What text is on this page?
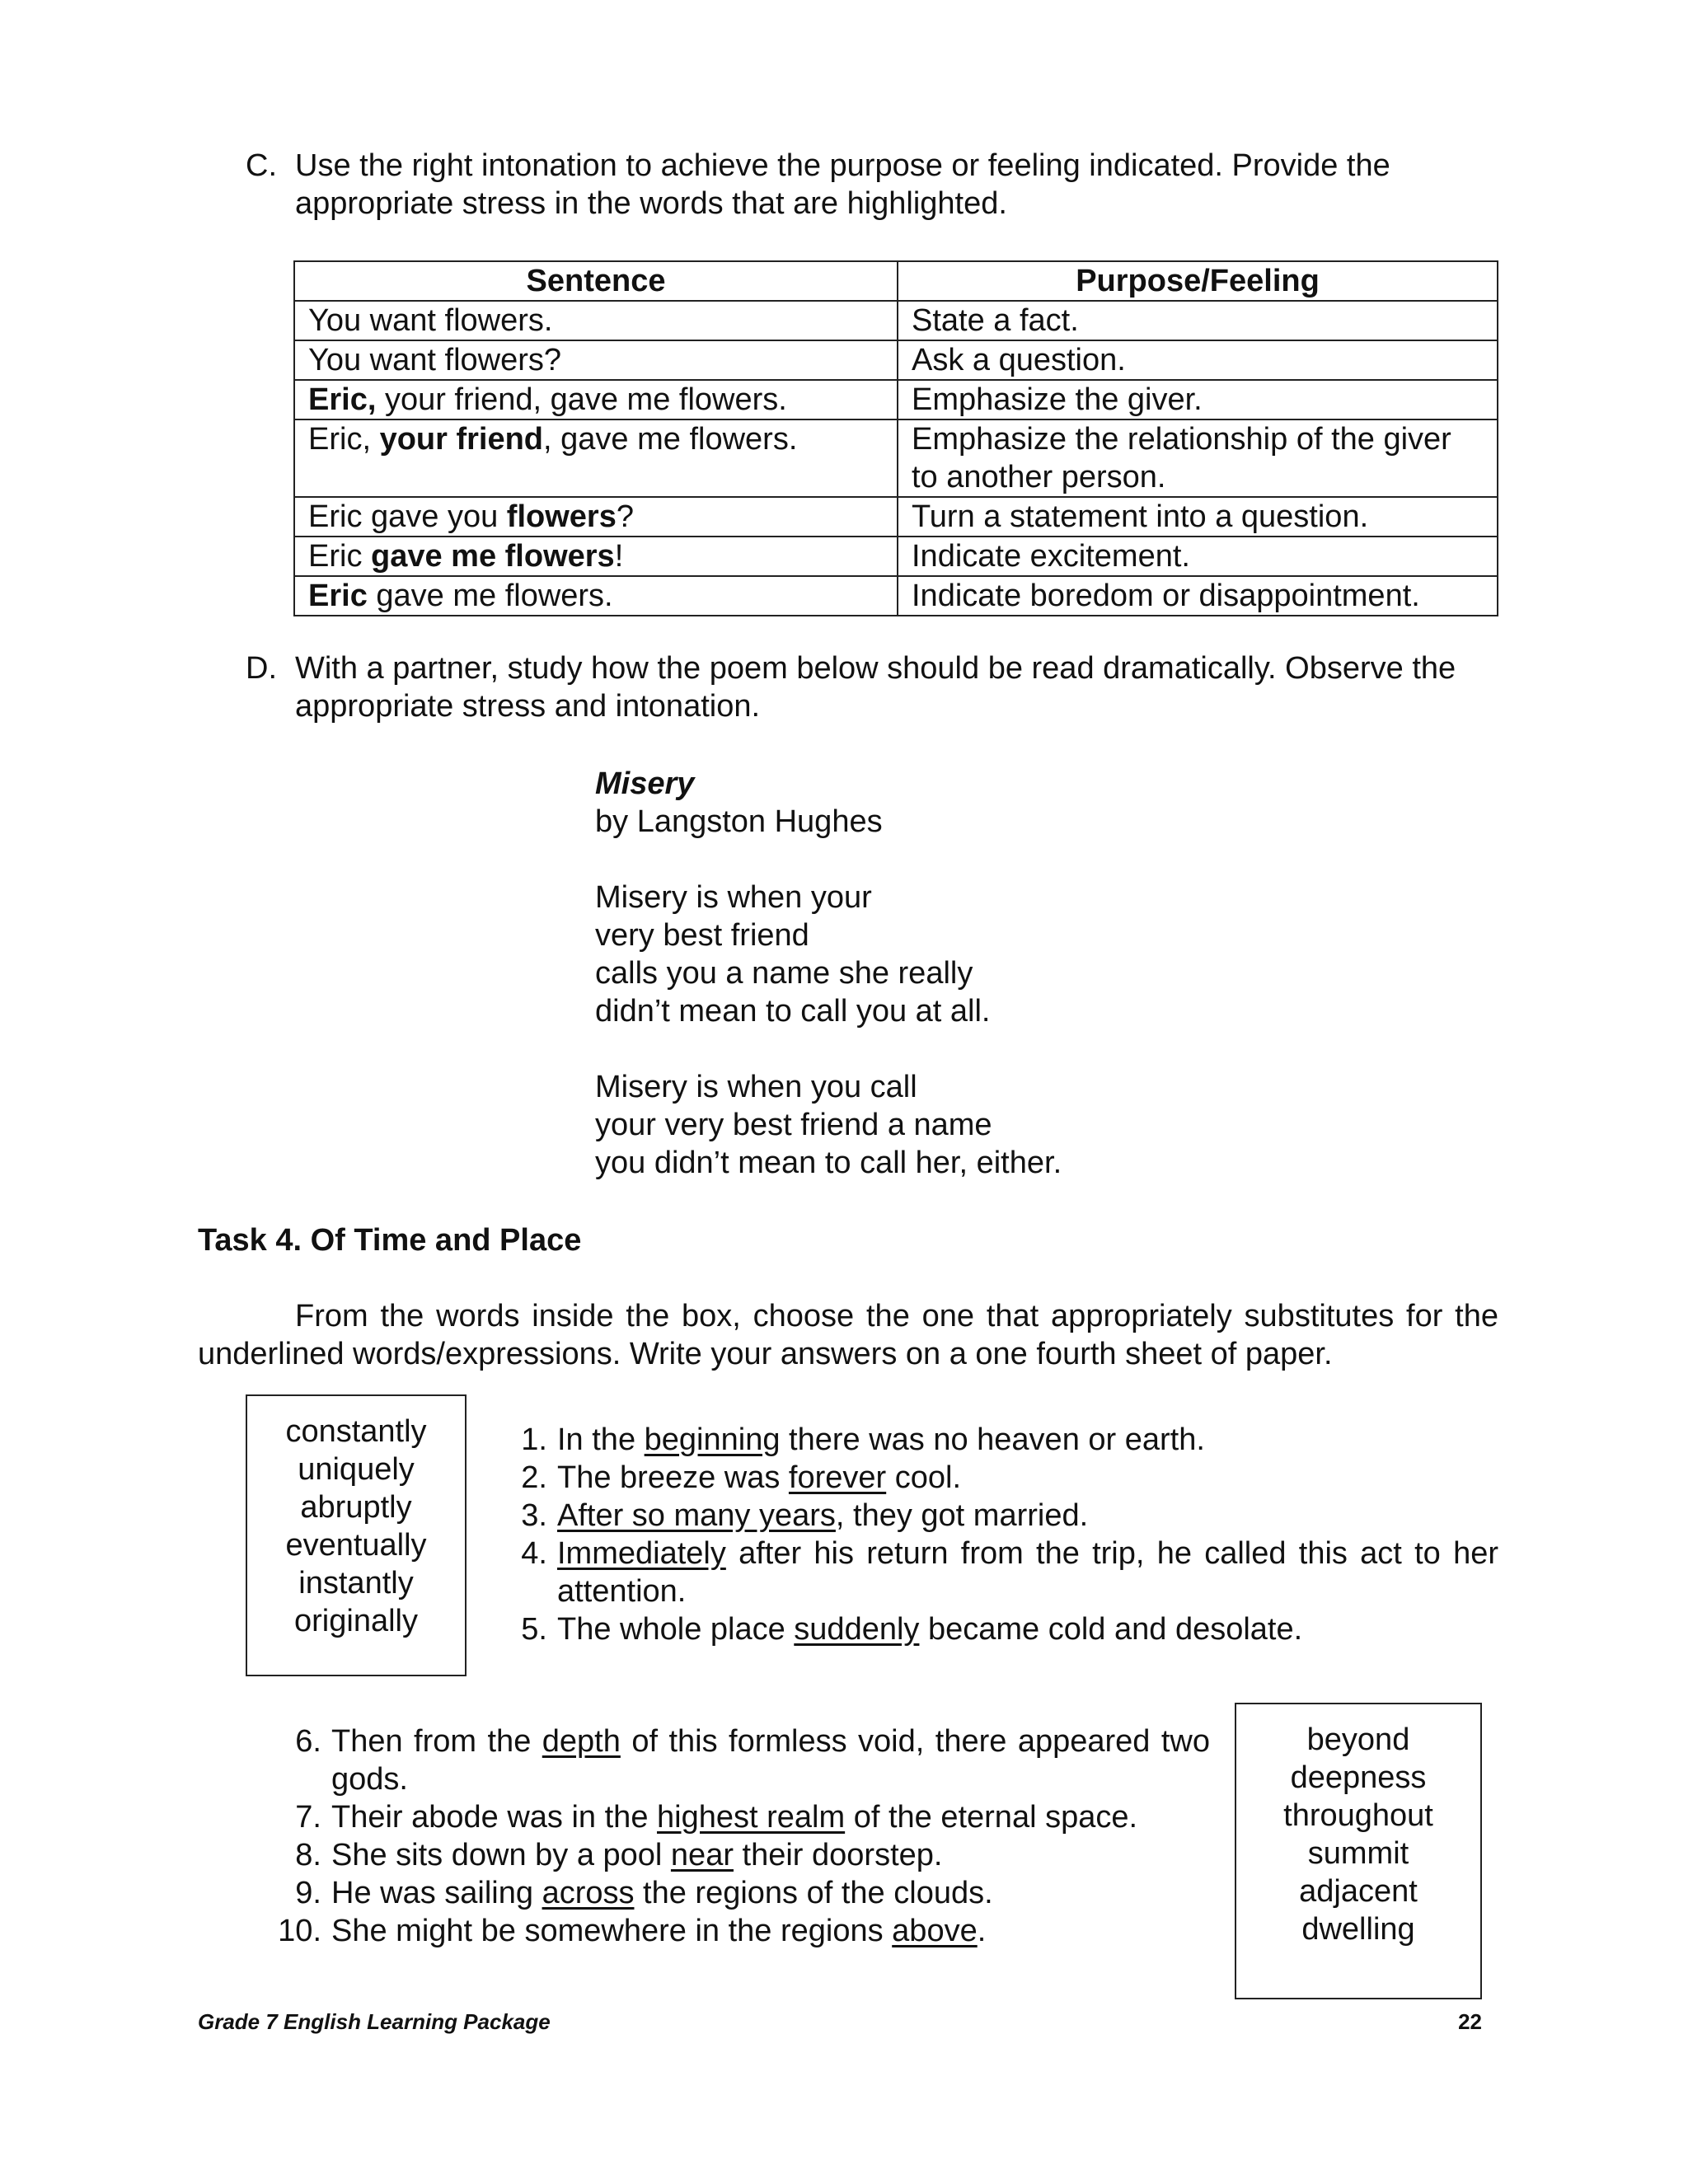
C. Use the right intonation to achieve the purpose or feeling indicated. Provide the appropriate stress in the words that are highlighted.
Sentence	Purpose/Feeling
You want flowers.	State a fact.
You want flowers?	Ask a question.
Eric, your friend, gave me flowers.	Emphasize the giver.
Eric, your friend, gave me flowers.	Emphasize the relationship of the giver to another person.
Eric gave you flowers?	Turn a statement into a question.
Eric gave me flowers!	Indicate excitement.
Eric gave me flowers.	Indicate boredom or disappointment.
D. With a partner, study how the poem below should be read dramatically. Observe the appropriate stress and intonation.
Misery
by Langston Hughes
Misery is when your
very best friend
calls you a name she really
didn’t mean to call you at all.
Misery is when you call
your very best friend a name
you didn’t mean to call her, either.
Task 4. Of Time and Place
From the words inside the box, choose the one that appropriately substitutes for the underlined words/expressions. Write your answers on a one fourth sheet of paper.
constantly
uniquely
abruptly
eventually
instantly
originally
1. In the beginning there was no heaven or earth.
2. The breeze was forever cool.
3. After so many years, they got married.
4. Immediately after his return from the trip, he called this act to her attention.
5. The whole place suddenly became cold and desolate.
6. Then from the depth of this formless void, there appeared two gods.
7. Their abode was in the highest realm of the eternal space.
8. She sits down by a pool near their doorstep.
9. He was sailing across the regions of the clouds.
10. She might be somewhere in the regions above.
beyond
deepness
throughout
summit
adjacent
dwelling
Grade 7 English Learning Package	22
